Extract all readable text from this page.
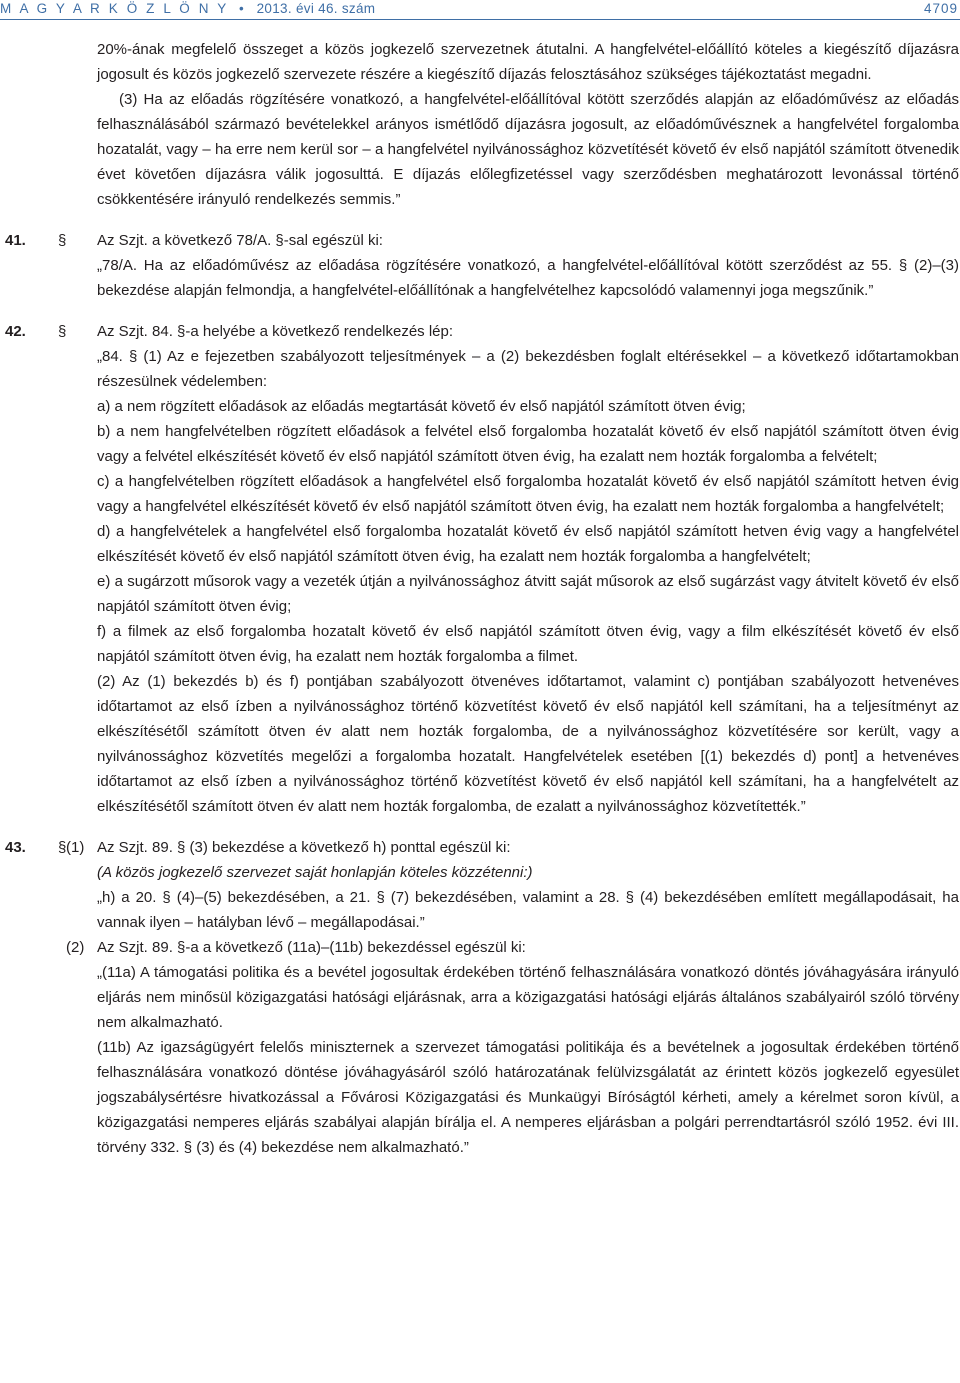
M A G Y A R K Ö Z L Ö N Y • 2013. évi 46. szám	4709

20%-ának megfelelő összeget a közös jogkezelő szervezetnek átutalni. A hangfelvétel-előállító köteles a kiegészítő díjazásra jogosult és közös jogkezelő szervezete részére a kiegészítő díjazás felosztásához szükséges tájékoztatást megadni.

(3) Ha az előadás rögzítésére vonatkozó, a hangfelvétel-előállítóval kötött szerződés alapján az előadóművész az előadás felhasználásából származó bevételekkel arányos ismétlődő díjazásra jogosult, az előadóművésznek a hangfelvétel forgalomba hozatalát, vagy – ha erre nem kerül sor – a hangfelvétel nyilvánossághoz közvetítését követő év első napjától számított ötvenedik évet követően díjazásra válik jogosulttá. E díjazás előlegfizetéssel vagy szerződésben meghatározott levonással történő csökkentésére irányuló rendelkezés semmis.”

41. § Az Szjt. a következő 78/A. §-sal egészül ki:

„78/A. Ha az előadóművész az előadása rögzítésére vonatkozó, a hangfelvétel-előállítóval kötött szerződést az 55. § (2)–(3) bekezdése alapján felmondja, a hangfelvétel-előállítónak a hangfelvételhez kapcsolódó valamennyi joga megszűnik.”

42. § Az Szjt. 84. §-a helyébe a következő rendelkezés lép:

„84. § (1) Az e fejezetben szabályozott teljesítmények – a (2) bekezdésben foglalt eltérésekkel – a következő időtartamokban részesülnek védelemben:

a) a nem rögzített előadások az előadás megtartását követő év első napjától számított ötven évig;

b) a nem hangfelvételben rögzített előadások a felvétel első forgalomba hozatalát követő év első napjától számított ötven évig vagy a felvétel elkészítését követő év első napjától számított ötven évig, ha ezalatt nem hozták forgalomba a felvételt;

c) a hangfelvételben rögzített előadások a hangfelvétel első forgalomba hozatalát követő év első napjától számított hetven évig vagy a hangfelvétel elkészítését követő év első napjától számított ötven évig, ha ezalatt nem hozták forgalomba a hangfelvételt;

d) a hangfelvételek a hangfelvétel első forgalomba hozatalát követő év első napjától számított hetven évig vagy a hangfelvétel elkészítését követő év első napjától számított ötven évig, ha ezalatt nem hozták forgalomba a hangfelvételt;

e) a sugárzott műsorok vagy a vezeték útján a nyilvánossághoz átvitt saját műsorok az első sugárzást vagy átvitelt követő év első napjától számított ötven évig;

f) a filmek az első forgalomba hozatalt követő év első napjától számított ötven évig, vagy a film elkészítését követő év első napjától számított ötven évig, ha ezalatt nem hozták forgalomba a filmet.

(2) Az (1) bekezdés b) és f) pontjában szabályozott ötvenéves időtartamot, valamint c) pontjában szabályozott hetvenéves időtartamot az első ízben a nyilvánossághoz történő közvetítést követő év első napjától kell számítani, ha a teljesítményt az elkészítésétől számított ötven év alatt nem hozták forgalomba, de a nyilvánossághoz közvetítésére sor került, vagy a nyilvánossághoz közvetítés megelőzi a forgalomba hozatalt. Hangfelvételek esetében [(1) bekezdés d) pont] a hetvenéves időtartamot az első ízben a nyilvánossághoz történő közvetítést követő év első napjától kell számítani, ha a hangfelvételt az elkészítésétől számított ötven év alatt nem hozták forgalomba, de ezalatt a nyilvánossághoz közvetítették.”

43. § (1) Az Szjt. 89. § (3) bekezdése a következő h) ponttal egészül ki:

(A közös jogkezelő szervezet saját honlapján köteles közzétenni:)

„h) a 20. § (4)–(5) bekezdésében, a 21. § (7) bekezdésében, valamint a 28. § (4) bekezdésében említett megállapodásait, ha vannak ilyen – hatályban lévő – megállapodásai.”

(2) Az Szjt. 89. §-a a következő (11a)–(11b) bekezdéssel egészül ki:

„(11a) A támogatási politika és a bevétel jogosultak érdekében történő felhasználására vonatkozó döntés jóváhagyására irányuló eljárás nem minősül közigazgatási hatósági eljárásnak, arra a közigazgatási hatósági eljárás általános szabályairól szóló törvény nem alkalmazható.

(11b) Az igazságügyért felelős miniszternek a szervezet támogatási politikája és a bevételnek a jogosultak érdekében történő felhasználására vonatkozó döntése jóváhagyásáról szóló határozatának felülvizsgálatát az érintett közös jogkezelő egyesület jogszabálysértésre hivatkozással a Fővárosi Közigazgatási és Munkaügyi Bíróságtól kérheti, amely a kérelmet soron kívül, a közigazgatási nemperes eljárás szabályai alapján bírálja el. A nemperes eljárásban a polgári perrendtartásról szóló 1952. évi III. törvény 332. § (3) és (4) bekezdése nem alkalmazható.”
